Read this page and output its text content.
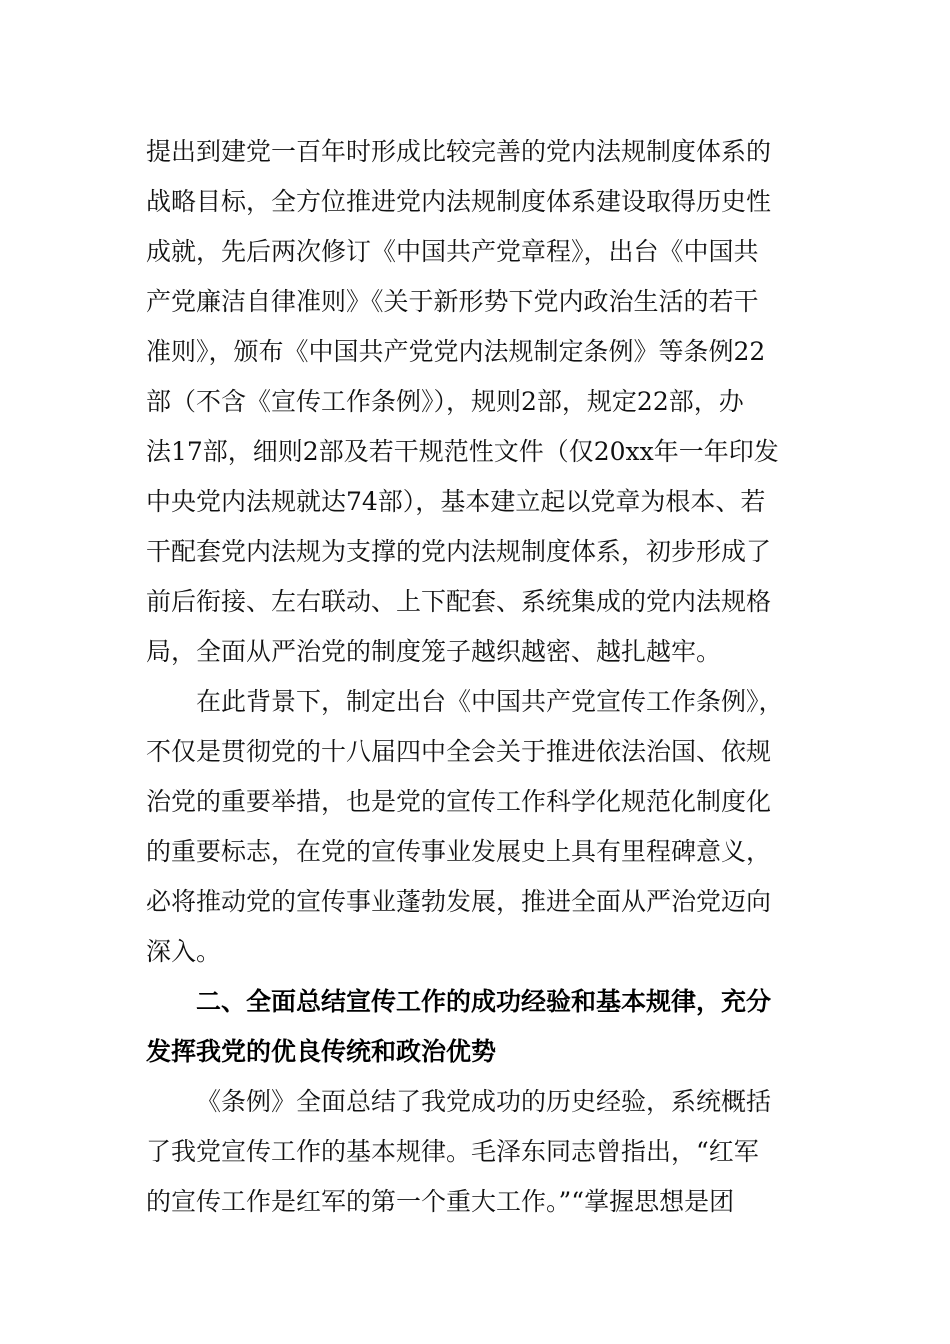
提出到建党一百年时形成比较完善的党内法规制度体系的
战略目标，全方位推进党内法规制度体系建设取得历史性
成就，先后两次修订《中国共产党章程》，出台《中国共
产党廉洁自律准则》《关于新形势下党内政治生活的若干
准则》，颁布《中国共产党党内法规制定条例》等条例22
部（不含《宣传工作条例》），规则2部，规定22部，办
法17部，细则2部及若干规范性文件（仅20xx年一年印发
中央党内法规就达74部），基本建立起以党章为根本、若
干配套党内法规为支撑的党内法规制度体系，初步形成了
前后衔接、左右联动、上下配套、系统集成的党内法规格
局，全面从严治党的制度笼子越织越密、越扎越牢。
在此背景下，制定出台《中国共产党宣传工作条例》，
不仅是贯彻党的十八届四中全会关于推进依法治国、依规
治党的重要举措，也是党的宣传工作科学化规范化制度化
的重要标志，在党的宣传事业发展史上具有里程碑意义，
必将推动党的宣传事业蓬勃发展，推进全面从严治党迈向
深入。
二、全面总结宣传工作的成功经验和基本规律，充分
发挥我党的优良传统和政治优势
《条例》全面总结了我党成功的历史经验，系统概括
了我党宣传工作的基本规律。毛泽东同志曾指出，“红军
的宣传工作是红军的第一个重大工作。”“掌握思想是团
